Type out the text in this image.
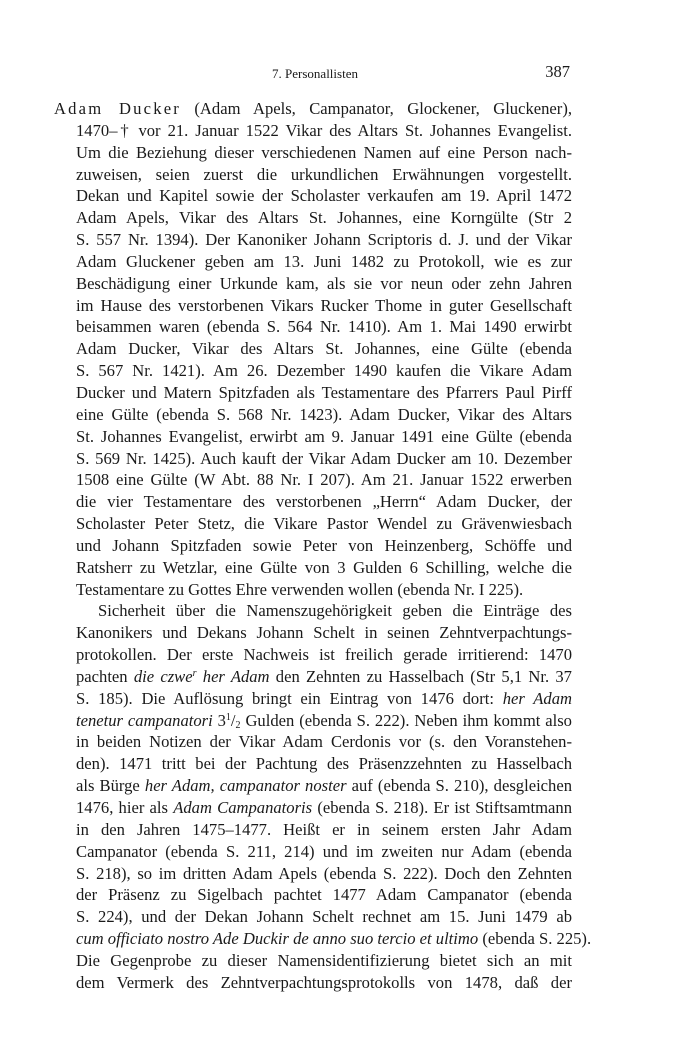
7. Personallisten	387
Adam Ducker (Adam Apels, Campanator, Glockener, Gluckener),
1470–† vor 21. Januar 1522 Vikar des Altars St. Johannes Evangelist.
Um die Beziehung dieser verschiedenen Namen auf eine Person nach-
zuweisen, seien zuerst die urkundlichen Erwähnungen vorgestellt.
Dekan und Kapitel sowie der Scholaster verkaufen am 19. April 1472
Adam Apels, Vikar des Altars St. Johannes, eine Korngülte (Str 2
S. 557 Nr. 1394). Der Kanoniker Johann Scriptoris d. J. und der Vikar
Adam Gluckener geben am 13. Juni 1482 zu Protokoll, wie es zur
Beschädigung einer Urkunde kam, als sie vor neun oder zehn Jahren
im Hause des verstorbenen Vikars Rucker Thome in guter Gesellschaft
beisammen waren (ebenda S. 564 Nr. 1410). Am 1. Mai 1490 erwirbt
Adam Ducker, Vikar des Altars St. Johannes, eine Gülte (ebenda
S. 567 Nr. 1421). Am 26. Dezember 1490 kaufen die Vikare Adam
Ducker und Matern Spitzfaden als Testamentare des Pfarrers Paul Pirff
eine Gülte (ebenda S. 568 Nr. 1423). Adam Ducker, Vikar des Altars
St. Johannes Evangelist, erwirbt am 9. Januar 1491 eine Gülte (ebenda
S. 569 Nr. 1425). Auch kauft der Vikar Adam Ducker am 10. Dezember
1508 eine Gülte (W Abt. 88 Nr. I 207). Am 21. Januar 1522 erwerben
die vier Testamentare des verstorbenen „Herrn“ Adam Ducker, der
Scholaster Peter Stetz, die Vikare Pastor Wendel zu Grävenwiesbach
und Johann Spitzfaden sowie Peter von Heinzenberg, Schöffe und
Ratsherr zu Wetzlar, eine Gülte von 3 Gulden 6 Schilling, welche die
Testamentare zu Gottes Ehre verwenden wollen (ebenda Nr. I 225).
Sicherheit über die Namenszugehörigkeit geben die Einträge des
Kanonikers und Dekans Johann Schelt in seinen Zehntverpachtungs-
protokollen. Der erste Nachweis ist freilich gerade irritierend: 1470
pachten die czwe$^r$ her Adam den Zehnten zu Hasselbach (Str 5,1 Nr. 37
S. 185). Die Auflösung bringt ein Eintrag von 1476 dort: her Adam
tenetur campanatori $3^1/_2$ Gulden (ebenda S. 222). Neben ihm kommt also
in beiden Notizen der Vikar Adam Cerdonis vor (s. den Voranstehen-
den). 1471 tritt bei der Pachtung des Präsenzzehnten zu Hasselbach
als Bürge her Adam, campanator noster auf (ebenda S. 210), desgleichen
1476, hier als Adam Campanatoris (ebenda S. 218). Er ist Stiftsamtmann
in den Jahren 1475–1477. Heißt er in seinem ersten Jahr Adam
Campanator (ebenda S. 211, 214) und im zweiten nur Adam (ebenda
S. 218), so im dritten Adam Apels (ebenda S. 222). Doch den Zehnten
der Präsenz zu Sigelbach pachtet 1477 Adam Campanator (ebenda
S. 224), und der Dekan Johann Schelt rechnet am 15. Juni 1479 ab
cum officiato nostro Ade Duckir de anno suo tercio et ultimo (ebenda S. 225).
Die Gegenprobe zu dieser Namensidentifizierung bietet sich an mit
dem Vermerk des Zehntverpachtungsprotokolls von 1478, daß der
